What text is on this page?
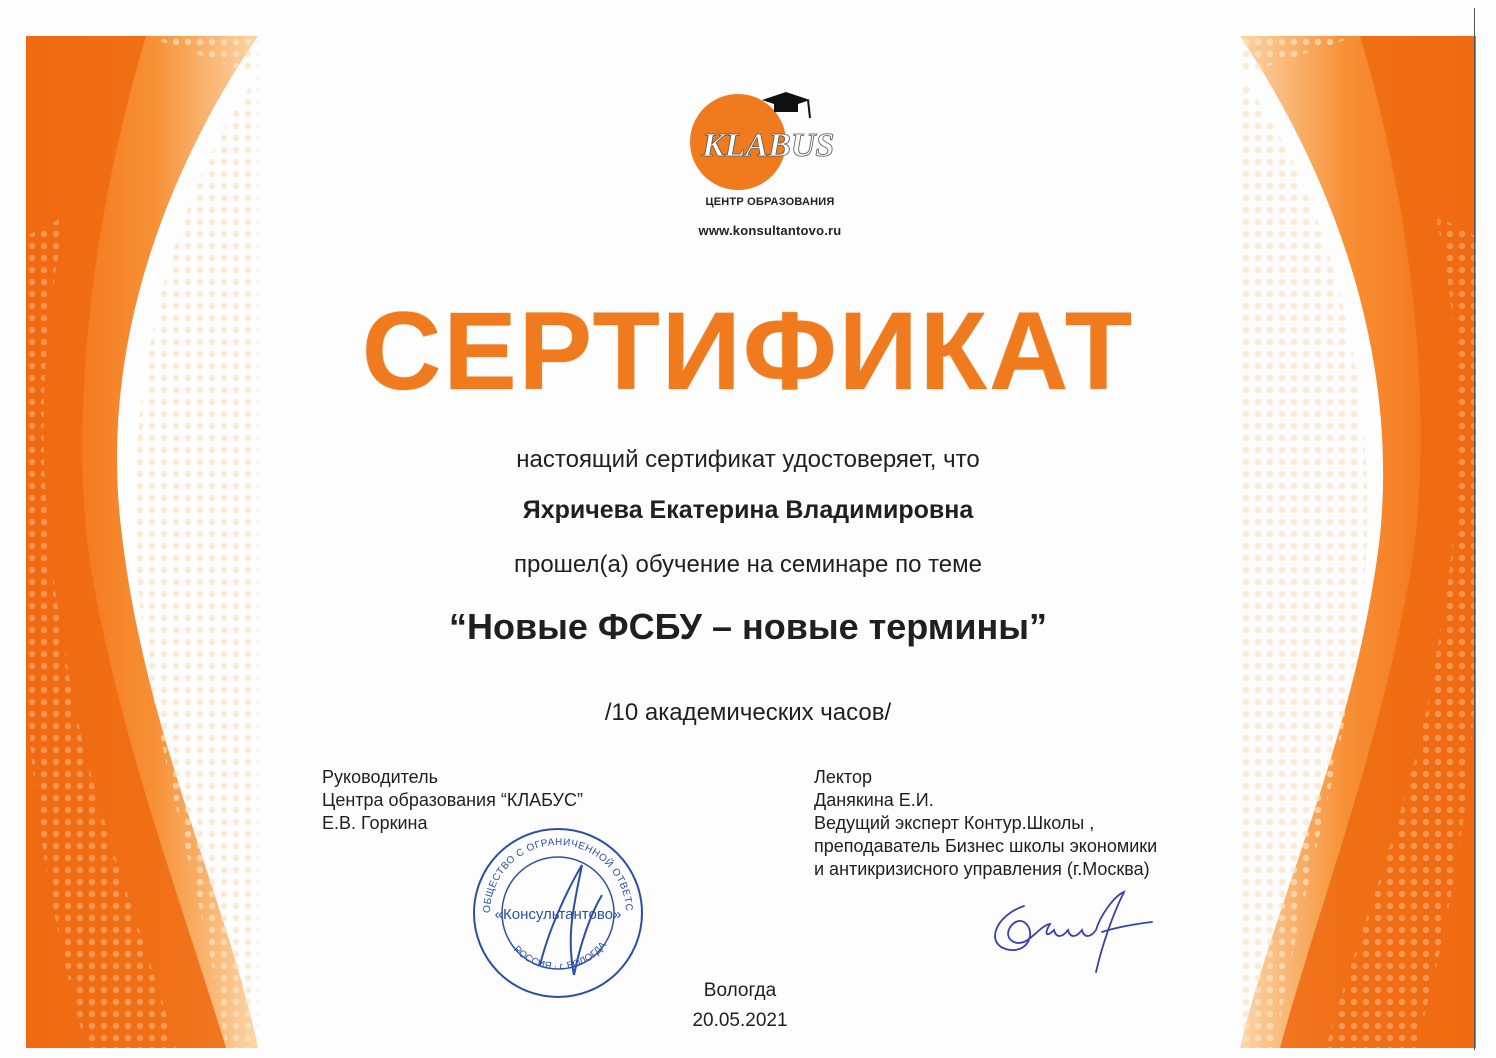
KLABUS
ЦЕНТР ОБРАЗОВАНИЯ
www.konsultantovo.ru
СЕРТИФИКАТ
настоящий сертификат удостоверяет, что
Яхричева Екатерина Владимировна
прошел(а) обучение на семинаре по теме
“Новые ФСБУ – новые термины”
/10 академических часов/
Руководитель
Центра образования “КЛАБУС”
Е.В. Горкина
Лектор
Данякина Е.И.
Ведущий эксперт Контур.Школы ,
преподаватель Бизнес школы экономики
и антикризисного управления (г.Москва)
ОБЩЕСТВО С ОГРАНИЧЕННОЙ ОТВЕТС
РОССИЯ · г. ВОЛОГДА
«Консультантово»
Вологда
20.05.2021
